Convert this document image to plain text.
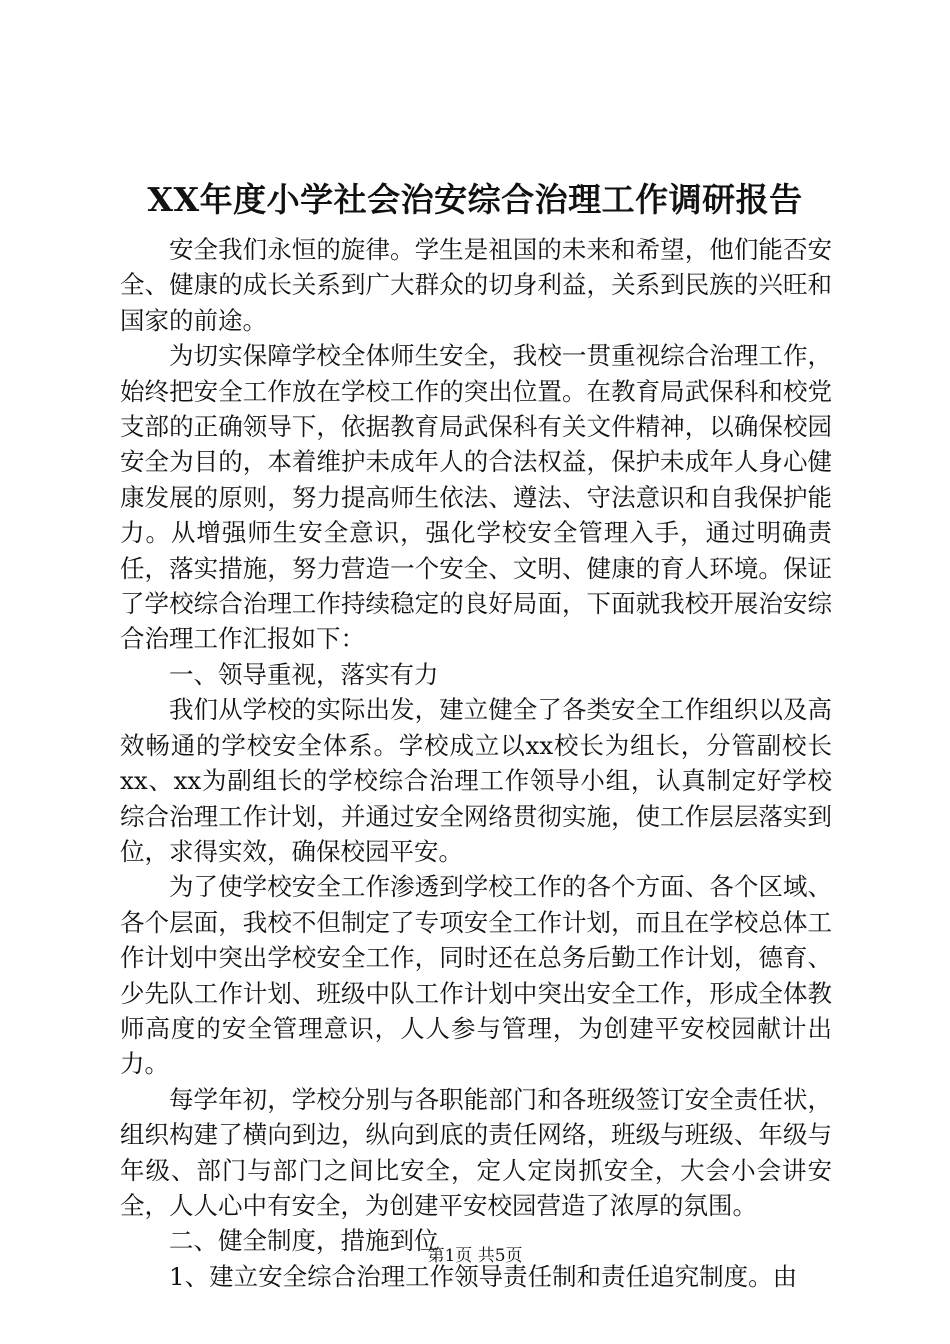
XX年度小学社会治安综合治理工作调研报告

安全我们永恒的旋律。学生是祖国的未来和希望，他们能否安全、健康的成长关系到广大群众的切身利益，关系到民族的兴旺和国家的前途。

为切实保障学校全体师生安全，我校一贯重视综合治理工作，始终把安全工作放在学校工作的突出位置。在教育局武保科和校党支部的正确领导下，依据教育局武保科有关文件精神，以确保校园安全为目的，本着维护未成年人的合法权益，保护未成年人身心健康发展的原则，努力提高师生依法、遵法、守法意识和自我保护能力。从增强师生安全意识，强化学校安全管理入手，通过明确责任，落实措施，努力营造一个安全、文明、健康的育人环境。保证了学校综合治理工作持续稳定的良好局面，下面就我校开展治安综合治理工作汇报如下：

一、领导重视，落实有力

我们从学校的实际出发，建立健全了各类安全工作组织以及高效畅通的学校安全体系。学校成立以xx校长为组长，分管副校长xx、xx为副组长的学校综合治理工作领导小组，认真制定好学校综合治理工作计划，并通过安全网络贯彻实施，使工作层层落实到位，求得实效，确保校园平安。

为了使学校安全工作渗透到学校工作的各个方面、各个区域、各个层面，我校不但制定了专项安全工作计划，而且在学校总体工作计划中突出学校安全工作，同时还在总务后勤工作计划，德育、少先队工作计划、班级中队工作计划中突出安全工作，形成全体教师高度的安全管理意识，人人参与管理，为创建平安校园献计出力。

每学年初，学校分别与各职能部门和各班级签订安全责任状，组织构建了横向到边，纵向到底的责任网络，班级与班级、年级与年级、部门与部门之间比安全，定人定岗抓安全，大会小会讲安全，人人心中有安全，为创建平安校园营造了浓厚的氛围。

二、健全制度，措施到位

1、建立安全综合治理工作领导责任制和责任追究制度。由

第1页 共5页
